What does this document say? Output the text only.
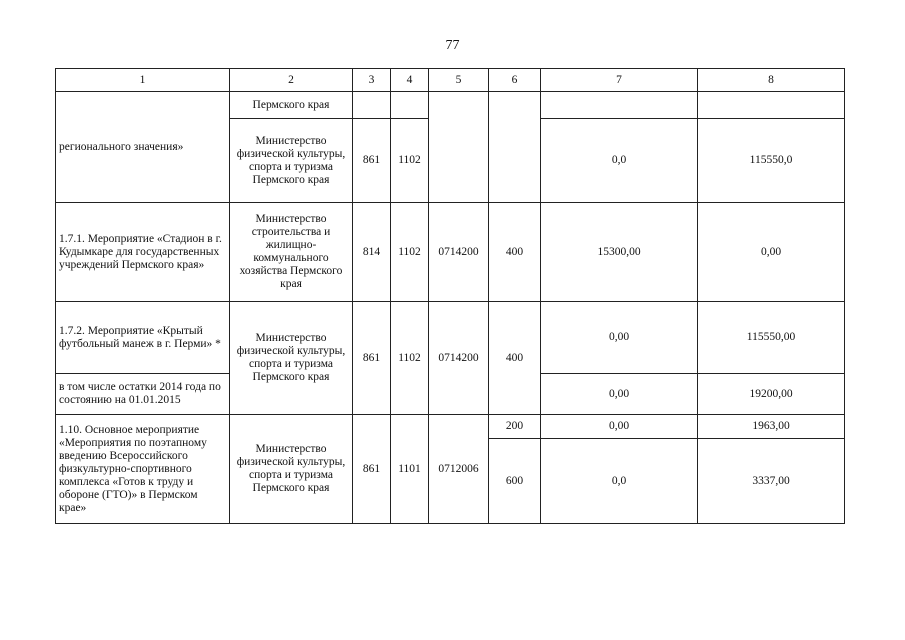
77
1	2	3	4	5	6	7	8
регионального значения»	Пермского края						
	Министерство физической культуры, спорта и туризма Пермского края	861	1102			0,0	115550,0
1.7.1. Мероприятие «Стадион в г. Кудымкаре для государственных учреждений Пермского края»	Министерство строительства и жилищно-коммунального хозяйства Пермского края	814	1102	0714200	400	15300,00	0,00
1.7.2. Мероприятие «Крытый футбольный манеж в г. Перми» *	Министерство физической культуры, спорта и туризма Пермского края	861	1102	0714200	400	0,00	115550,00
в том числе остатки 2014 года по состоянию на 01.01.2015						0,00	19200,00
1.10. Основное мероприятие «Мероприятия по поэтапному введению Всероссийского физкультурно-спортивного комплекса «Готов к труду и обороне (ГТО)» в Пермском крае»	Министерство физической культуры, спорта и туризма Пермского края	861	1101	0712006	200	0,00	1963,00
					600	0,0	3337,00
